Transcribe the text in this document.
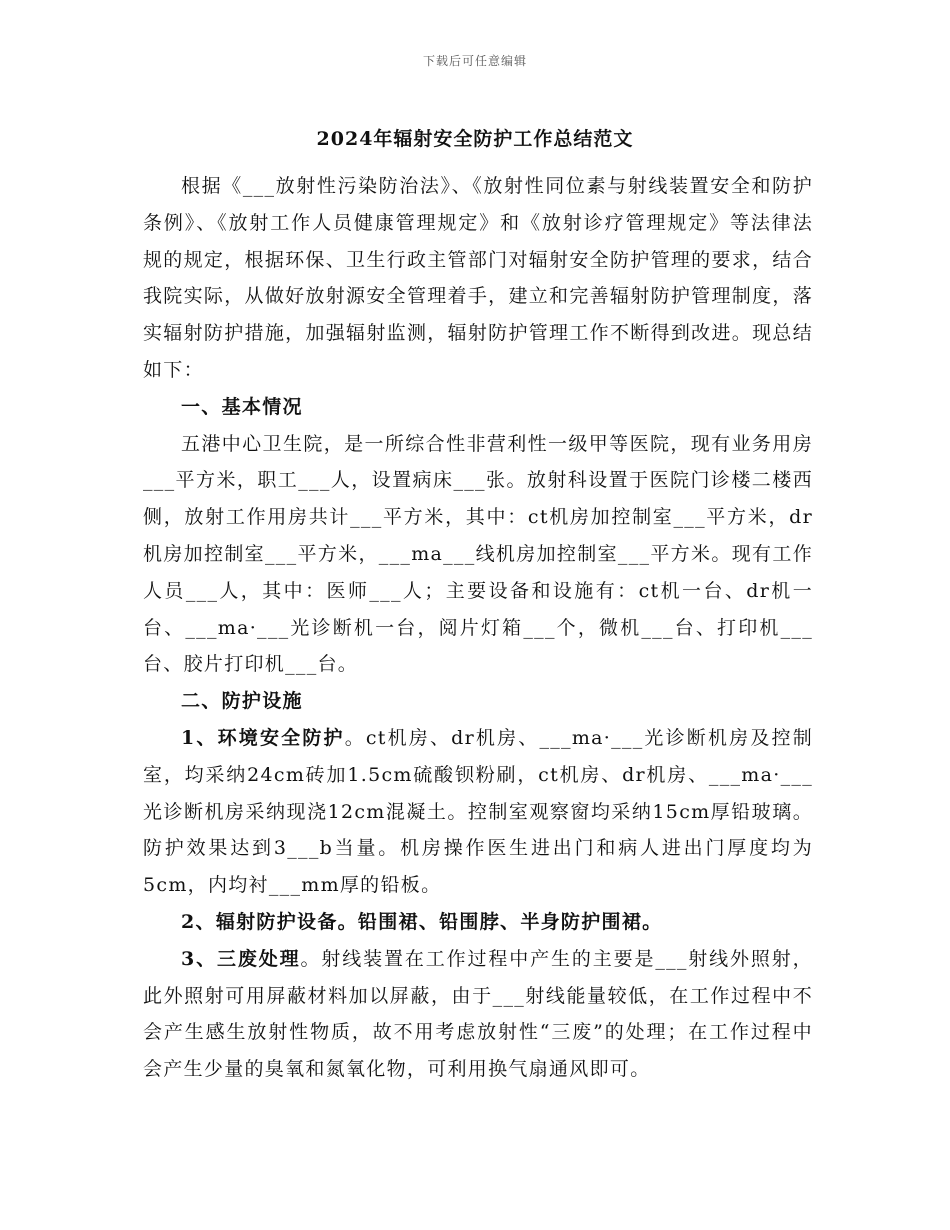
下载后可任意编辑
2024年辐射安全防护工作总结范文

根据《___放射性污染防治法》、《放射性同位素与射线装置安全和防护条例》、《放射工作人员健康管理规定》和《放射诊疗管理规定》等法律法规的规定，根据环保、卫生行政主管部门对辐射安全防护管理的要求，结合我院实际，从做好放射源安全管理着手，建立和完善辐射防护管理制度，落实辐射防护措施，加强辐射监测，辐射防护管理工作不断得到改进。现总结如下：

一、基本情况

五港中心卫生院，是一所综合性非营利性一级甲等医院，现有业务用房___平方米，职工___人，设置病床___张。放射科设置于医院门诊楼二楼西侧，放射工作用房共计___平方米，其中：ct机房加控制室___平方米，dr机房加控制室___平方米，___ma___线机房加控制室___平方米。现有工作人员___人，其中：医师___人；主要设备和设施有：ct机一台、dr机一台、___ma·___光诊断机一台，阅片灯箱___个，微机___台、打印机___台、胶片打印机___台。

二、防护设施

1、环境安全防护。ct机房、dr机房、___ma·___光诊断机房及控制室，均采纳24cm砖加1.5cm硫酸钡粉刷，ct机房、dr机房、___ma·___光诊断机房采纳现浇12cm混凝土。控制室观察窗均采纳15cm厚铅玻璃。防护效果达到3___b当量。机房操作医生进出门和病人进出门厚度均为5cm，内均衬___mm厚的铅板。

2、辐射防护设备。铅围裙、铅围脖、半身防护围裙。

3、三废处理。射线装置在工作过程中产生的主要是___射线外照射，此外照射可用屏蔽材料加以屏蔽，由于___射线能量较低，在工作过程中不会产生感生放射性物质，故不用考虑放射性“三废”的处理；在工作过程中会产生少量的臭氧和氮氧化物，可利用换气扇通风即可。
